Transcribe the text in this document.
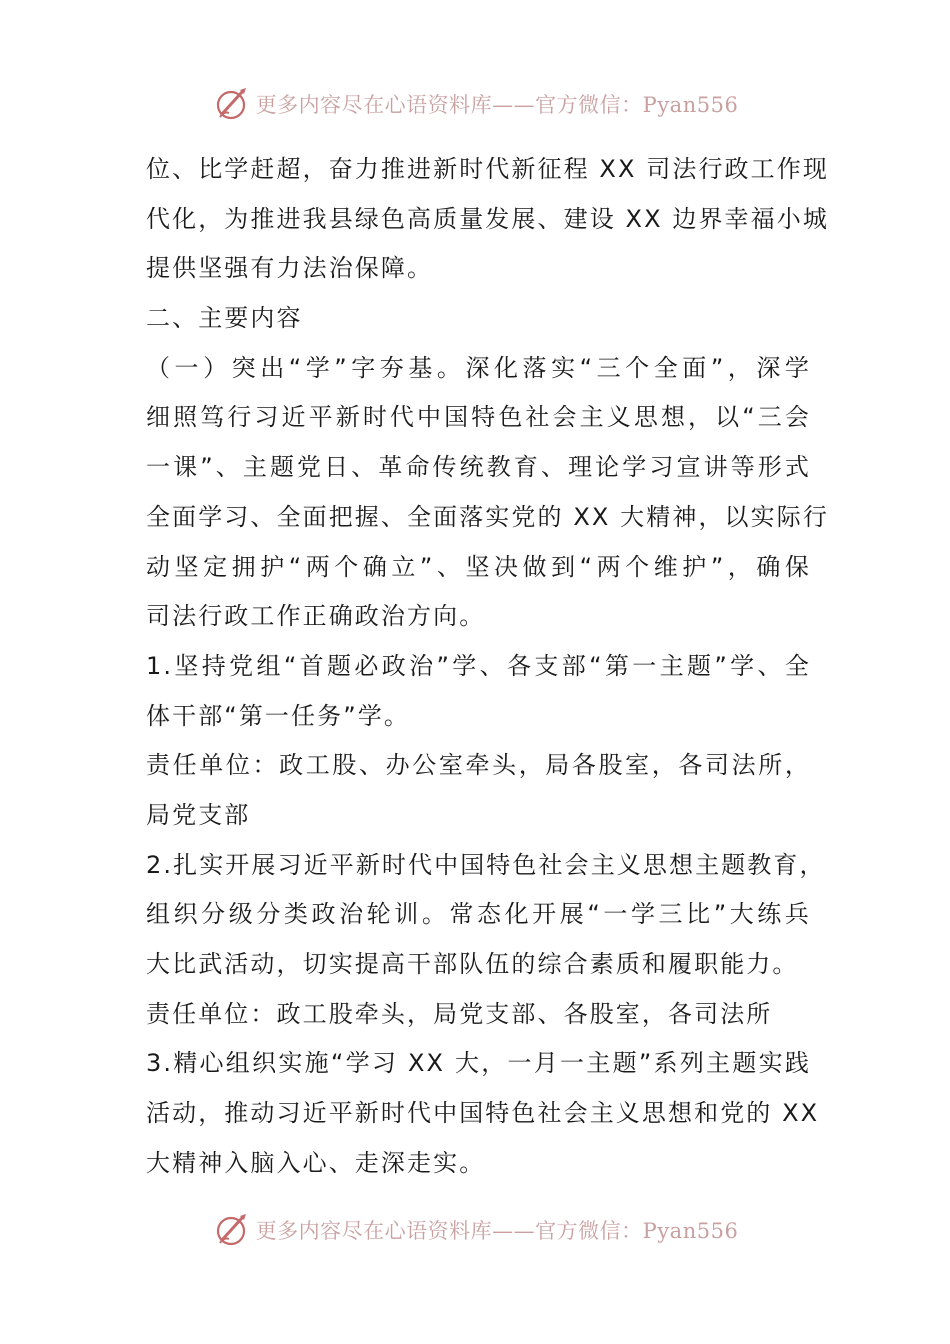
更多内容尽在心语资料库——官方微信：Pyan556
位、比学赶超，奋力推进新时代新征程 XX 司法行政工作现
代化，为推进我县绿色高质量发展、建设 XX 边界幸福小城
提供坚强有力法治保障。
二、主要内容
（一）突出“学”字夯基。深化落实“三个全面”，深学
细照笃行习近平新时代中国特色社会主义思想，以“三会
一课”、主题党日、革命传统教育、理论学习宣讲等形式
全面学习、全面把握、全面落实党的 XX 大精神，以实际行
动坚定拥护“两个确立”、坚决做到“两个维护”，确保
司法行政工作正确政治方向。
1.坚持党组“首题必政治”学、各支部“第一主题”学、全
体干部“第一任务”学。
责任单位：政工股、办公室牵头，局各股室，各司法所，
局党支部
2.扎实开展习近平新时代中国特色社会主义思想主题教育，
组织分级分类政治轮训。常态化开展“一学三比”大练兵
大比武活动，切实提高干部队伍的综合素质和履职能力。
责任单位：政工股牵头，局党支部、各股室，各司法所
3.精心组织实施“学习 XX 大，一月一主题”系列主题实践
活动，推动习近平新时代中国特色社会主义思想和党的 XX
大精神入脑入心、走深走实。
更多内容尽在心语资料库——官方微信：Pyan556
